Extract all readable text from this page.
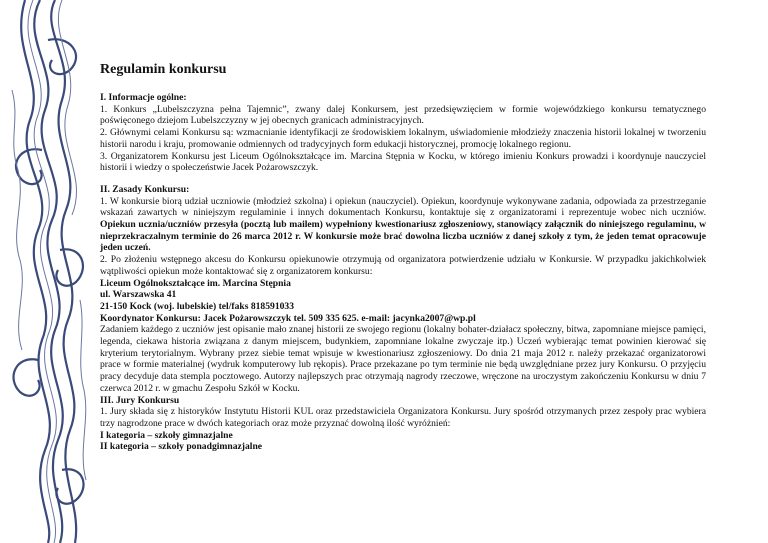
Regulamin konkursu
I. Informacje ogólne:

1. Konkurs „Lubelszczyzna pełna Tajemnic”, zwany dalej Konkursem, jest przedsięwzięciem w formie wojewódzkiego konkursu tematycznego poświęconego dziejom Lubelszczyzny w jej obecnych granicach administracyjnych.

2. Głównymi celami Konkursu są: wzmacnianie identyfikacji ze środowiskiem lokalnym, uświadomienie młodzieży znaczenia historii lokalnej w tworzeniu historii narodu i kraju, promowanie odmiennych od tradycyjnych form edukacji historycznej, promocję lokalnego regionu.

3. Organizatorem Konkursu jest Liceum Ogólnokształcące im. Marcina Stępnia w Kocku, w którego imieniu Konkurs prowadzi i koordynuje nauczyciel historii i wiedzy o społeczeństwie Jacek Pożarowszczyk.

II. Zasady Konkursu:

1. W konkursie biorą udział uczniowie (młodzież szkolna) i opiekun (nauczyciel). Opiekun, koordynuje wykonywane zadania, odpowiada za przestrzeganie wskazań zawartych w niniejszym regulaminie i innych dokumentach Konkursu, kontaktuje się z organizatorami i reprezentuje wobec nich uczniów. Opiekun ucznia/uczniów przesyła (pocztą lub mailem) wypełniony kwestionariusz zgłoszeniowy, stanowiący załącznik do niniejszego regulaminu, w nieprzekraczalnym terminie do 26 marca 2012 r. W konkursie może brać dowolna liczba uczniów z danej szkoły z tym, że jeden temat opracowuje jeden uczeń.

2. Po złożeniu wstępnego akcesu do Konkursu opiekunowie otrzymują od organizatora potwierdzenie udziału w Konkursie. W przypadku jakichkolwiek wątpliwości opiekun może kontaktować się z organizatorem konkursu:

Liceum Ogólnokształcące im. Marcina Stępnia

ul. Warszawska 41

21-150 Kock (woj. lubelskie) tel/faks 818591033

Koordynator Konkursu: Jacek Pożarowszczyk tel. 509 335 625. e-mail: jacynka2007@wp.pl

Zadaniem każdego z uczniów jest opisanie mało znanej historii ze swojego regionu (lokalny bohater-działacz społeczny, bitwa, zapomniane miejsce pamięci, legenda, ciekawa historia związana z danym miejscem, budynkiem, zapomniane lokalne zwyczaje itp.) Uczeń wybierając temat powinien kierować się kryterium terytorialnym. Wybrany przez siebie temat wpisuje w kwestionariusz zgłoszeniowy. Do dnia 21 maja 2012 r. należy przekazać organizatorowi prace w formie materialnej (wydruk komputerowy lub rękopis). Prace przekazane po tym terminie nie będą uwzględniane przez jury Konkursu. O przyjęciu pracy decyduje data stempla pocztowego. Autorzy najlepszych prac otrzymają nagrody rzeczowe, wręczone na uroczystym zakończeniu Konkursu w dniu 7 czerwca 2012 r. w gmachu Zespołu Szkół w Kocku.

III. Jury Konkursu

1. Jury składa się z historyków Instytutu Historii KUL oraz przedstawiciela Organizatora Konkursu. Jury spośród otrzymanych przez zespoły prac wybiera trzy nagrodzone prace w dwóch kategoriach oraz może przyznać dowolną ilość wyróżnień:

I kategoria – szkoły gimnazjalne

II kategoria – szkoły ponadgimnazjalne
